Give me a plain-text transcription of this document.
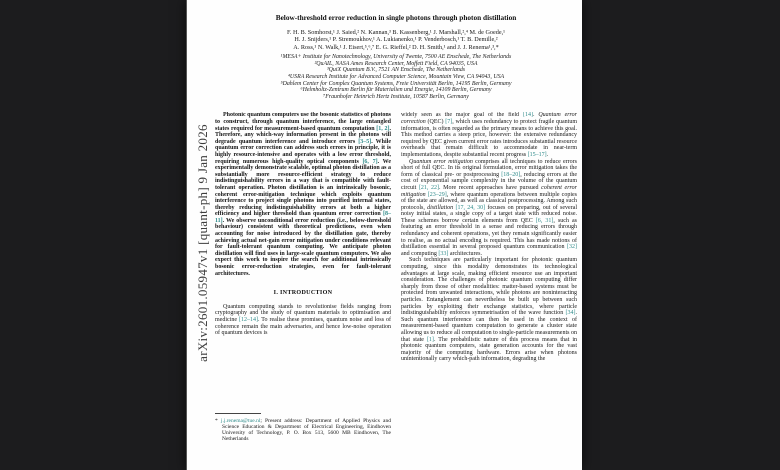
arXiv:2601.05947v1 [quant-ph] 9 Jan 2026
Below-threshold error reduction in single photons through photon distillation
F. H. B. Somhorst,¹ J. Saied,² N. Kannan,³ B. Kassenberg,¹ J. Marshall,²,⁴ M. de Goede,¹
H. J. Snijders,¹ P. Stremoukhov,¹ A. Lukianenko,¹ P. Venderbosch,¹ T. B. Demille,²
A. Ross,¹ N. Walk,¹ J. Eisert,⁵,⁶,⁷ E. G. Rieffel,² D. H. Smith,¹ and J. J. Renema¹,³,*
¹MESA+ Institute for Nanotechnology, University of Twente, 7500 AE Enschede, The Netherlands
²QuAIL, NASA Ames Research Center, Moffett Field, CA 94035, USA
³QuiX Quantum B.V., 7521 AN Enschede, The Netherlands
⁴USRA Research Institute for Advanced Computer Science, Mountain View, CA 94043, USA
⁵Dahlem Center for Complex Quantum Systems, Freie Universität Berlin, 14195 Berlin, Germany
⁶Helmholtz-Zentrum Berlin für Materialien und Energie, 14109 Berlin, Germany
⁷Fraunhofer Heinrich Hertz Institute, 10587 Berlin, Germany

Photonic quantum computers use the bosonic statistics of photons to construct, through quantum interference, the large entangled states required for measurement-based quantum computation [1, 2]. Therefore, any which-way information present in the photons will degrade quantum interference and introduce errors [3–5]. While quantum error correction can address such errors in principle, it is highly resource-intensive and operates with a low error threshold, requiring numerous high-quality optical components [6, 7]. We experimentally demonstrate scalable, optimal photon distillation as a substantially more resource-efficient strategy to reduce indistinguishability errors in a way that is compatible with fault-tolerant operation. Photon distillation is an intrinsically bosonic, coherent error-mitigation technique which exploits quantum interference to project single photons into purified internal states, thereby reducing indistinguishability errors at both a higher efficiency and higher threshold than quantum error correction [8–11]. We observe unconditional error reduction (i.e., below-threshold behaviour) consistent with theoretical predictions, even when accounting for noise introduced by the distillation gate, thereby achieving actual net-gain error mitigation under conditions relevant for fault-tolerant quantum computing. We anticipate photon distillation will find uses in large-scale quantum computers. We also expect this work to inspire the search for additional intrinsically bosonic error-reduction strategies, even for fault-tolerant architectures.

I. INTRODUCTION

Quantum computing stands to revolutionise fields ranging from cryptography and the study of quantum materials to optimisation and medicine [12–14]. To realise these promises, quantum noise and loss of coherence remain the main adversaries, and hence low-noise operation of quantum devices is

* j.j.renema@tue.nl; Present address: Department of Applied Physics and Science Education & Department of Electrical Engineering, Eindhoven University of Technology, P. O. Box 513, 5600 MB Eindhoven, The Netherlands

widely seen as the major goal of the field [14]. Quantum error correction (QEC) [7], which uses redundancy to protect fragile quantum information, is often regarded as the primary means to achieve this goal. This method carries a steep price, however: the extensive redundancy required by QEC given current error rates introduces substantial resource overheads that remain difficult to accommodate in near-term implementations, despite substantial recent progress [15–17].

Quantum error mitigation comprises all techniques to reduce errors short of full QEC. In its original formulation, error mitigation takes the form of classical pre- or postprocessing [18–20], reducing errors at the cost of exponential sample complexity in the volume of the quantum circuit [21, 22]. More recent approaches have pursued coherent error mitigation [23–29], where quantum operations between multiple copies of the state are allowed, as well as classical postprocessing. Among such protocols, distillation [17, 24, 30] focuses on preparing, out of several noisy initial states, a single copy of a target state with reduced noise. These schemes borrow certain elements from QEC [6, 31], such as featuring an error threshold in a sense and reducing errors through redundancy and coherent operations, yet they remain significantly easier to realise, as no actual encoding is required. This has made notions of distillation essential in several proposed quantum communication [32] and computing [33] architectures.

Such techniques are particularly important for photonic quantum computing, since this modality demonstrates its technological advantages at large scale, making efficient resource use an important consideration. The challenges of photonic quantum computing differ sharply from those of other modalities: matter-based systems must be protected from unwanted interactions, while photons are noninteracting particles. Entanglement can nevertheless be built up between such particles by exploiting their exchange statistics, where particle indistinguishability enforces symmetrisation of the wave function [34]. Such quantum interference can then be used in the context of measurement-based quantum computation to generate a cluster state allowing us to reduce all computation to single-particle measurements on that state [1]. The probabilistic nature of this process means that in photonic quantum computers, state generation accounts for the vast majority of the computing hardware. Errors arise when photons unintentionally carry which-path information, degrading the
